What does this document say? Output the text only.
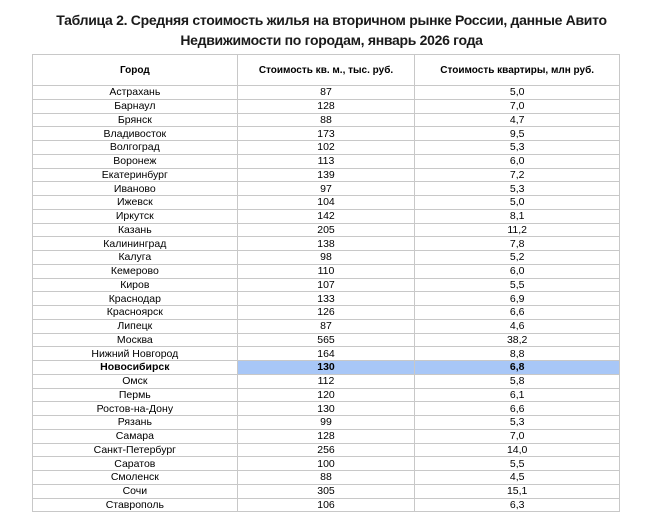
Таблица 2. Средняя стоимость жилья на вторичном рынке России, данные Авито
Недвижимости по городам, январь 2026 года
Город	Стоимость кв. м., тыс. руб.	Стоимость квартиры, млн руб.
Астрахань	87	5,0
Барнаул	128	7,0
Брянск	88	4,7
Владивосток	173	9,5
Волгоград	102	5,3
Воронеж	113	6,0
Екатеринбург	139	7,2
Иваново	97	5,3
Ижевск	104	5,0
Иркутск	142	8,1
Казань	205	11,2
Калининград	138	7,8
Калуга	98	5,2
Кемерово	110	6,0
Киров	107	5,5
Краснодар	133	6,9
Красноярск	126	6,6
Липецк	87	4,6
Москва	565	38,2
Нижний Новгород	164	8,8
Новосибирск	130	6,8
Омск	112	5,8
Пермь	120	6,1
Ростов-на-Дону	130	6,6
Рязань	99	5,3
Самара	128	7,0
Санкт-Петербург	256	14,0
Саратов	100	5,5
Смоленск	88	4,5
Сочи	305	15,1
Ставрополь	106	6,3
